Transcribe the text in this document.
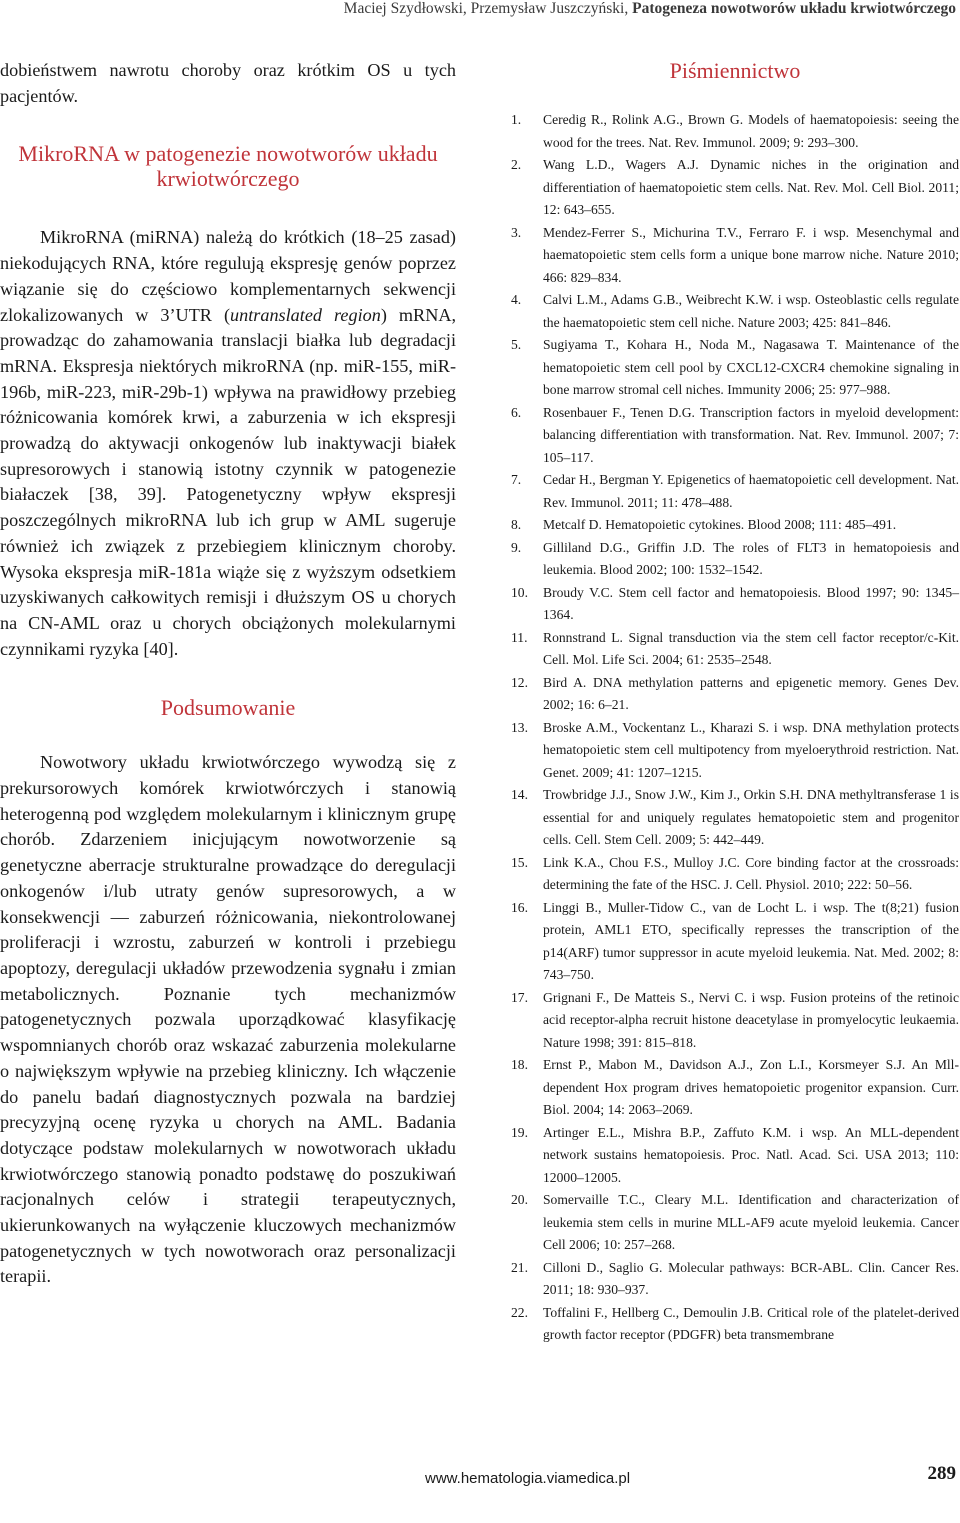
Maciej Szydłowski, Przemysław Juszczyński, Patogeneza nowotworów układu krwiotwórczego

dobieństwem nawrotu choroby oraz krótkim OS u tych pacjentów.

MikroRNA w patogenezie nowotworów układu krwiotwórczego

MikroRNA (miRNA) należą do krótkich (18–25 zasad) niekodujących RNA, które regulują ekspresję genów poprzez wiązanie się do częściowo komplementarnych sekwencji zlokalizowanych w 3’UTR (untranslated region) mRNA, prowadząc do zahamowania translacji białka lub degradacji mRNA. Ekspresja niektórych mikroRNA (np. miR-155, miR-196b, miR-223, miR-29b-1) wpływa na prawidłowy przebieg różnicowania komórek krwi, a zaburzenia w ich ekspresji prowadzą do aktywacji onkogenów lub inaktywacji białek supresorowych i stanowią istotny czynnik w patogenezie białaczek [38, 39]. Patogenetyczny wpływ ekspresji poszczególnych mikroRNA lub ich grup w AML sugeruje również ich związek z przebiegiem klinicznym choroby. Wysoka ekspresja miR-181a wiąże się z wyższym odsetkiem uzyskiwanych całkowitych remisji i dłuższym OS u chorych na CN-AML oraz u chorych obciążonych molekularnymi czynnikami ryzyka [40].

Podsumowanie

Nowotwory układu krwiotwórczego wywodzą się z prekursorowych komórek krwiotwórczych i stanowią heterogenną pod względem molekularnym i klinicznym grupę chorób. Zdarzeniem inicjującym nowotworzenie są genetyczne aberracje strukturalne prowadzące do deregulacji onkogenów i/lub utraty genów supresorowych, a w konsekwencji — zaburzeń różnicowania, niekontrolowanej proliferacji i wzrostu, zaburzeń w kontroli i przebiegu apoptozy, deregulacji układów przewodzenia sygnału i zmian metabolicznych. Poznanie tych mechanizmów patogenetycznych pozwala uporządkować klasyfikację wspomnianych chorób oraz wskazać zaburzenia molekularne o największym wpływie na przebieg kliniczny. Ich włączenie do panelu badań diagnostycznych pozwala na bardziej precyzyjną ocenę ryzyka u chorych na AML. Badania dotyczące podstaw molekularnych w nowotworach układu krwiotwórczego stanowią ponadto podstawę do poszukiwań racjonalnych celów i strategii terapeutycznych, ukierunkowanych na wyłączenie kluczowych mechanizmów patogenetycznych w tych nowotworach oraz personalizacji terapii.

Piśmiennictwo
1.	Ceredig R., Rolink A.G., Brown G. Models of haematopoiesis: seeing the wood for the trees. Nat. Rev. Immunol. 2009; 9: 293–300.
2.	Wang L.D., Wagers A.J. Dynamic niches in the origination and differentiation of haematopoietic stem cells. Nat. Rev. Mol. Cell Biol. 2011; 12: 643–655.
3.	Mendez-Ferrer S., Michurina T.V., Ferraro F. i wsp. Mesenchymal and haematopoietic stem cells form a unique bone marrow niche. Nature 2010; 466: 829–834.
4.	Calvi L.M., Adams G.B., Weibrecht K.W. i wsp. Osteoblastic cells regulate the haematopoietic stem cell niche. Nature 2003; 425: 841–846.
5.	Sugiyama T., Kohara H., Noda M., Nagasawa T. Maintenance of the hematopoietic stem cell pool by CXCL12-CXCR4 chemokine signaling in bone marrow stromal cell niches. Immunity 2006; 25: 977–988.
6.	Rosenbauer F., Tenen D.G. Transcription factors in myeloid development: balancing differentiation with transformation. Nat. Rev. Immunol. 2007; 7: 105–117.
7.	Cedar H., Bergman Y. Epigenetics of haematopoietic cell development. Nat. Rev. Immunol. 2011; 11: 478–488.
8.	Metcalf D. Hematopoietic cytokines. Blood 2008; 111: 485–491.
9.	Gilliland D.G., Griffin J.D. The roles of FLT3 in hematopoiesis and leukemia. Blood 2002; 100: 1532–1542.
10.	Broudy V.C. Stem cell factor and hematopoiesis. Blood 1997; 90: 1345–1364.
11.	Ronnstrand L. Signal transduction via the stem cell factor receptor/c-Kit. Cell. Mol. Life Sci. 2004; 61: 2535–2548.
12.	Bird A. DNA methylation patterns and epigenetic memory. Genes Dev. 2002; 16: 6–21.
13.	Broske A.M., Vockentanz L., Kharazi S. i wsp. DNA methylation protects hematopoietic stem cell multipotency from myeloerythroid restriction. Nat. Genet. 2009; 41: 1207–1215.
14.	Trowbridge J.J., Snow J.W., Kim J., Orkin S.H. DNA methyltransferase 1 is essential for and uniquely regulates hematopoietic stem and progenitor cells. Cell. Stem Cell. 2009; 5: 442–449.
15.	Link K.A., Chou F.S., Mulloy J.C. Core binding factor at the crossroads: determining the fate of the HSC. J. Cell. Physiol. 2010; 222: 50–56.
16.	Linggi B., Muller-Tidow C., van de Locht L. i wsp. The t(8;21) fusion protein, AML1 ETO, specifically represses the transcription of the p14(ARF) tumor suppressor in acute myeloid leukemia. Nat. Med. 2002; 8: 743–750.
17.	Grignani F., De Matteis S., Nervi C. i wsp. Fusion proteins of the retinoic acid receptor-alpha recruit histone deacetylase in promyelocytic leukaemia. Nature 1998; 391: 815–818.
18.	Ernst P., Mabon M., Davidson A.J., Zon L.I., Korsmeyer S.J. An Mll-dependent Hox program drives hematopoietic progenitor expansion. Curr. Biol. 2004; 14: 2063–2069.
19.	Artinger E.L., Mishra B.P., Zaffuto K.M. i wsp. An MLL-dependent network sustains hematopoiesis. Proc. Natl. Acad. Sci. USA 2013; 110: 12000–12005.
20.	Somervaille T.C., Cleary M.L. Identification and characterization of leukemia stem cells in murine MLL-AF9 acute myeloid leukemia. Cancer Cell 2006; 10: 257–268.
21.	Cilloni D., Saglio G. Molecular pathways: BCR-ABL. Clin. Cancer Res. 2011; 18: 930–937.
22.	Toffalini F., Hellberg C., Demoulin J.B. Critical role of the platelet-derived growth factor receptor (PDGFR) beta transmembrane
www.hematologia.viamedica.pl	289
